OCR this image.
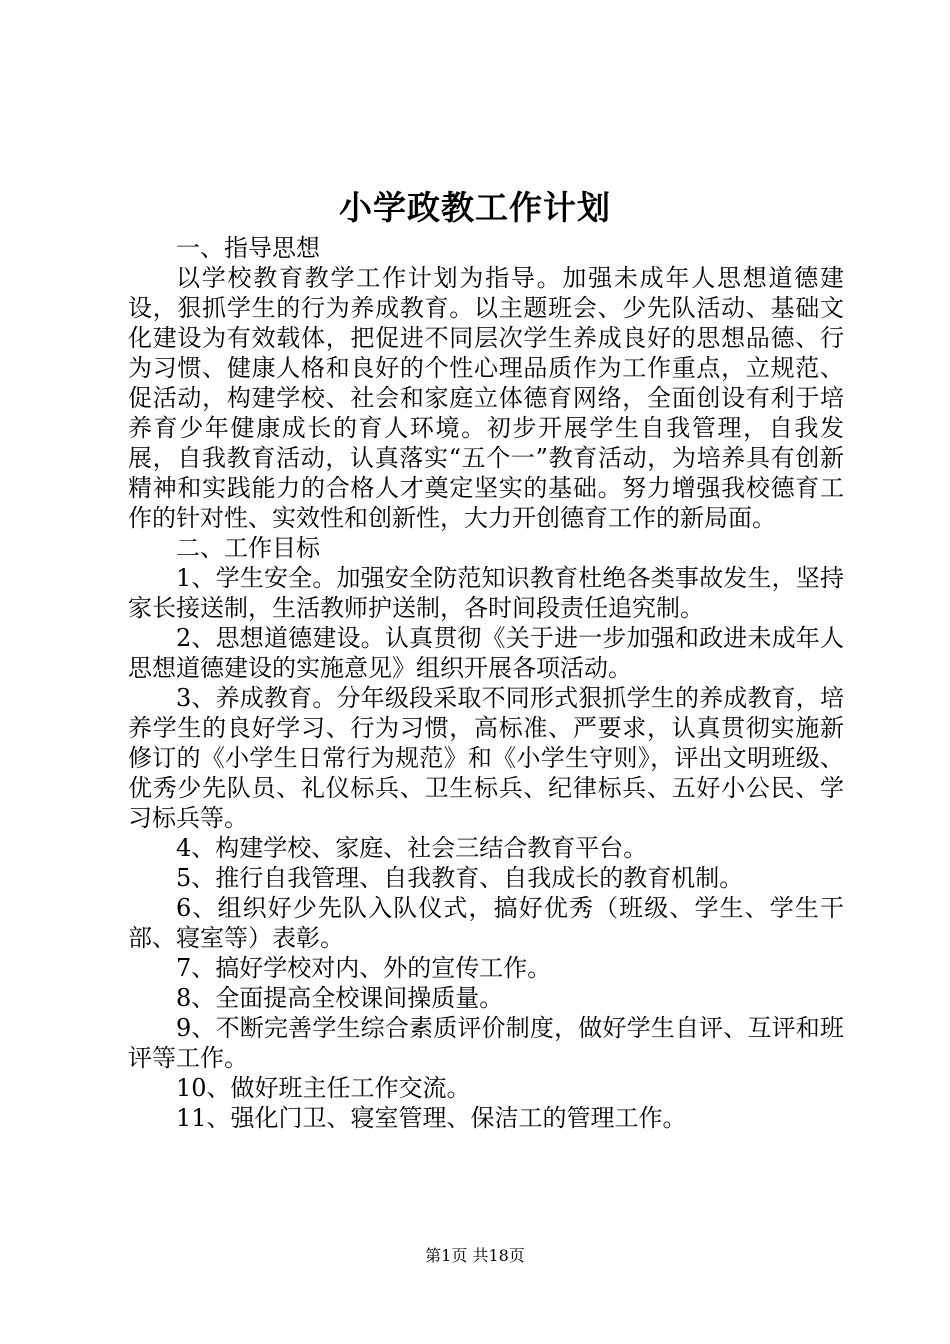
小学政教工作计划

一、指导思想

以学校教育教学工作计划为指导。加强未成年人思想道德建设，狠抓学生的行为养成教育。以主题班会、少先队活动、基础文化建设为有效载体，把促进不同层次学生养成良好的思想品德、行为习惯、健康人格和良好的个性心理品质作为工作重点，立规范、促活动，构建学校、社会和家庭立体德育网络，全面创设有利于培养育少年健康成长的育人环境。初步开展学生自我管理，自我发展，自我教育活动，认真落实“五个一”教育活动，为培养具有创新精神和实践能力的合格人才奠定坚实的基础。努力增强我校德育工作的针对性、实效性和创新性，大力开创德育工作的新局面。

二、工作目标

1、学生安全。加强安全防范知识教育杜绝各类事故发生，坚持家长接送制，生活教师护送制，各时间段责任追究制。

2、思想道德建设。认真贯彻《关于进一步加强和政进未成年人思想道德建设的实施意见》组织开展各项活动。

3、养成教育。分年级段采取不同形式狠抓学生的养成教育，培养学生的良好学习、行为习惯，高标准、严要求，认真贯彻实施新修订的《小学生日常行为规范》和《小学生守则》，评出文明班级、优秀少先队员、礼仪标兵、卫生标兵、纪律标兵、五好小公民、学习标兵等。

4、构建学校、家庭、社会三结合教育平台。

5、推行自我管理、自我教育、自我成长的教育机制。

6、组织好少先队入队仪式，搞好优秀（班级、学生、学生干部、寝室等）表彰。

7、搞好学校对内、外的宣传工作。

8、全面提高全校课间操质量。

9、不断完善学生综合素质评价制度，做好学生自评、互评和班评等工作。

10、做好班主任工作交流。

11、强化门卫、寝室管理、保洁工的管理工作。

第1页 共18页
